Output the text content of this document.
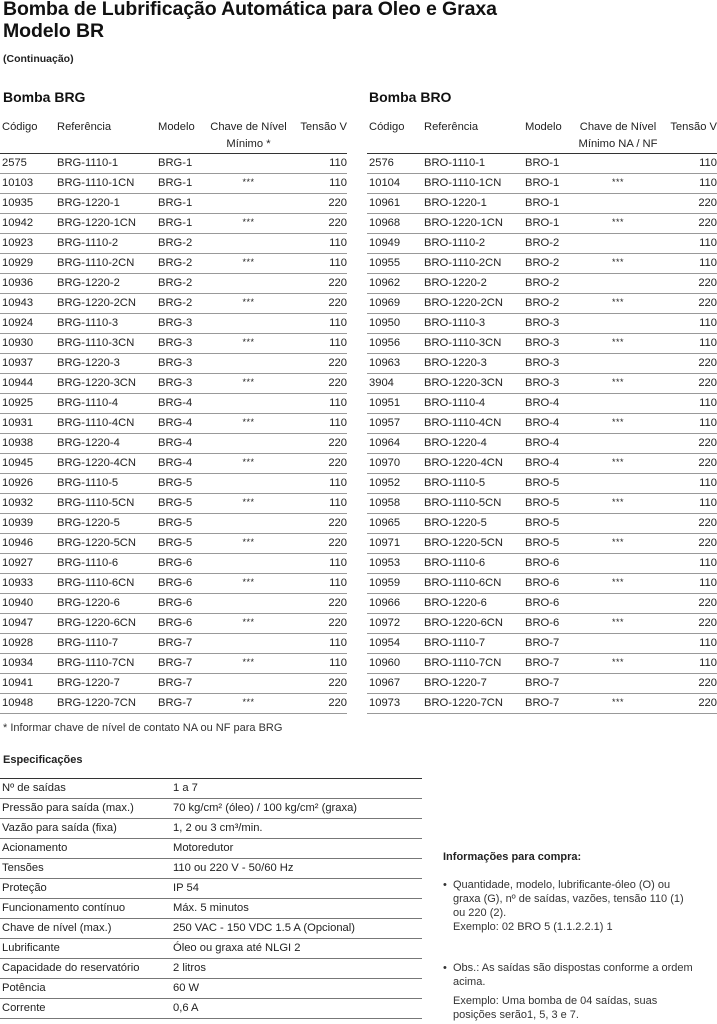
Bomba de Lubrificação Automática para Oleo e Graxa
Modelo BR
(Continuação)
Bomba BRG
Código	Referência	Modelo	Chave de Nível Mínimo *	Tensão V
2575	BRG-1110-1	BRG-1		110
10103	BRG-1110-1CN	BRG-1	***	110
10935	BRG-1220-1	BRG-1		220
10942	BRG-1220-1CN	BRG-1	***	220
10923	BRG-1110-2	BRG-2		110
10929	BRG-1110-2CN	BRG-2	***	110
10936	BRG-1220-2	BRG-2		220
10943	BRG-1220-2CN	BRG-2	***	220
10924	BRG-1110-3	BRG-3		110
10930	BRG-1110-3CN	BRG-3	***	110
10937	BRG-1220-3	BRG-3		220
10944	BRG-1220-3CN	BRG-3	***	220
10925	BRG-1110-4	BRG-4		110
10931	BRG-1110-4CN	BRG-4	***	110
10938	BRG-1220-4	BRG-4		220
10945	BRG-1220-4CN	BRG-4	***	220
10926	BRG-1110-5	BRG-5		110
10932	BRG-1110-5CN	BRG-5	***	110
10939	BRG-1220-5	BRG-5		220
10946	BRG-1220-5CN	BRG-5	***	220
10927	BRG-1110-6	BRG-6		110
10933	BRG-1110-6CN	BRG-6	***	110
10940	BRG-1220-6	BRG-6		220
10947	BRG-1220-6CN	BRG-6	***	220
10928	BRG-1110-7	BRG-7		110
10934	BRG-1110-7CN	BRG-7	***	110
10941	BRG-1220-7	BRG-7		220
10948	BRG-1220-7CN	BRG-7	***	220
Bomba BRO
Código	Referência	Modelo	Chave de Nível Mínimo NA / NF	Tensão V
2576	BRO-1110-1	BRO-1		110
10104	BRO-1110-1CN	BRO-1	***	110
10961	BRO-1220-1	BRO-1		220
10968	BRO-1220-1CN	BRO-1	***	220
10949	BRO-1110-2	BRO-2		110
10955	BRO-1110-2CN	BRO-2	***	110
10962	BRO-1220-2	BRO-2		220
10969	BRO-1220-2CN	BRO-2	***	220
10950	BRO-1110-3	BRO-3		110
10956	BRO-1110-3CN	BRO-3	***	110
10963	BRO-1220-3	BRO-3		220
3904	BRO-1220-3CN	BRO-3	***	220
10951	BRO-1110-4	BRO-4		110
10957	BRO-1110-4CN	BRO-4	***	110
10964	BRO-1220-4	BRO-4		220
10970	BRO-1220-4CN	BRO-4	***	220
10952	BRO-1110-5	BRO-5		110
10958	BRO-1110-5CN	BRO-5	***	110
10965	BRO-1220-5	BRO-5		220
10971	BRO-1220-5CN	BRO-5	***	220
10953	BRO-1110-6	BRO-6		110
10959	BRO-1110-6CN	BRO-6	***	110
10966	BRO-1220-6	BRO-6		220
10972	BRO-1220-6CN	BRO-6	***	220
10954	BRO-1110-7	BRO-7		110
10960	BRO-1110-7CN	BRO-7	***	110
10967	BRO-1220-7	BRO-7		220
10973	BRO-1220-7CN	BRO-7	***	220
* Informar chave de nível de contato NA ou NF para BRG
Especificações
Nº de saídas	1 a 7
Pressão para saída (max.)	70 kg/cm² (óleo) / 100 kg/cm² (graxa)
Vazão para saída (fixa)	1, 2 ou 3 cm³/min.
Acionamento	Motoredutor
Tensões	110 ou 220 V - 50/60 Hz
Proteção	IP 54
Funcionamento contínuo	Máx. 5 minutos
Chave de nível (max.)	250 VAC - 150 VDC 1.5 A (Opcional)
Lubrificante	Óleo ou graxa até NLGI 2
Capacidade do reservatório	2 litros
Potência	60 W
Corrente	0,6 A
Informações para compra:
• Quantidade, modelo, lubrificante-óleo (O) ou graxa (G), nº de saídas, vazões, tensão 110 (1) ou 220 (2).
Exemplo: 02 BRO 5 (1.1.2.2.1) 1
• Obs.: As saídas são dispostas conforme a ordem acima.
Exemplo: Uma bomba de 04 saídas, suas posições serão1, 5, 3 e 7.
